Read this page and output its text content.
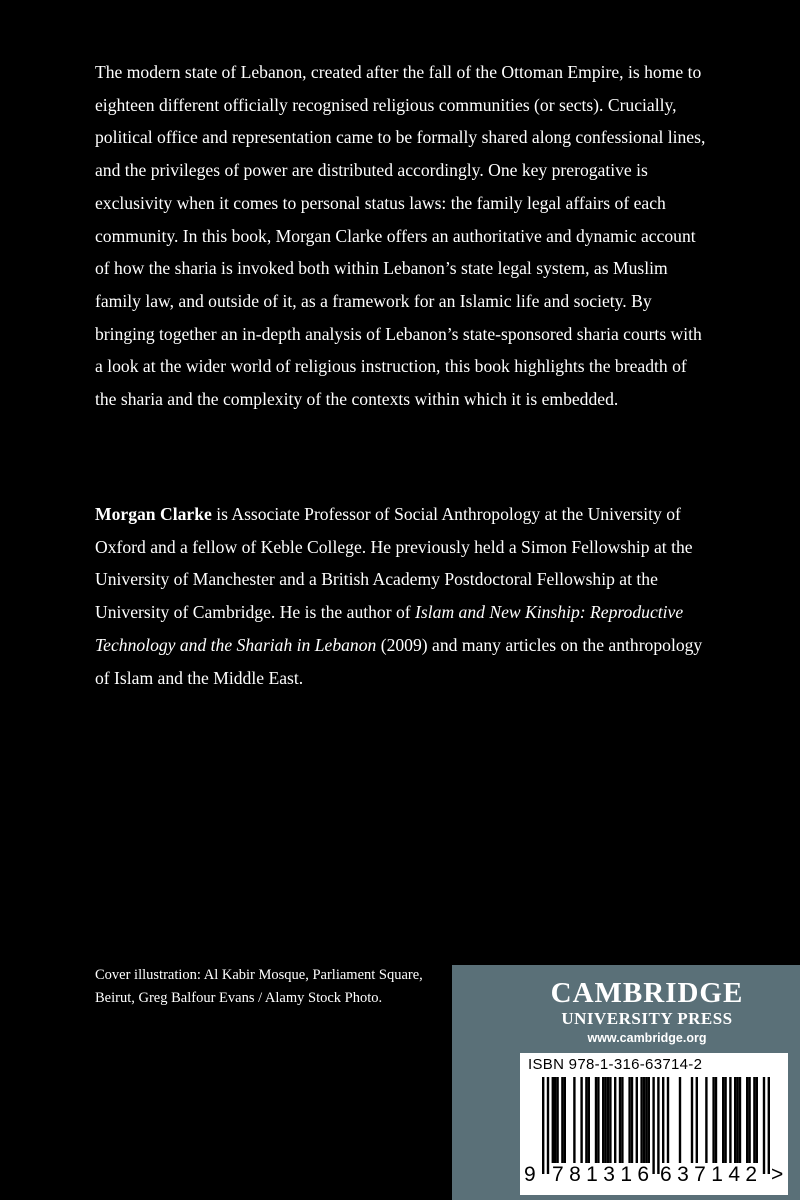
The modern state of Lebanon, created after the fall of the Ottoman Empire, is home to eighteen different officially recognised religious communities (or sects). Crucially, political office and representation came to be formally shared along confessional lines, and the privileges of power are distributed accordingly. One key prerogative is exclusivity when it comes to personal status laws: the family legal affairs of each community. In this book, Morgan Clarke offers an authoritative and dynamic account of how the sharia is invoked both within Lebanon’s state legal system, as Muslim family law, and outside of it, as a framework for an Islamic life and society. By bringing together an in-depth analysis of Lebanon’s state-sponsored sharia courts with a look at the wider world of religious instruction, this book highlights the breadth of the sharia and the complexity of the contexts within which it is embedded.

Morgan Clarke is Associate Professor of Social Anthropology at the University of Oxford and a fellow of Keble College. He previously held a Simon Fellowship at the University of Manchester and a British Academy Postdoctoral Fellowship at the University of Cambridge. He is the author of Islam and New Kinship: Reproductive Technology and the Shariah in Lebanon (2009) and many articles on the anthropology of Islam and the Middle East.

Cover illustration: Al Kabir Mosque, Parliament Square, Beirut, Greg Balfour Evans / Alamy Stock Photo.	CAMBRIDGE
UNIVERSITY PRESS
www.cambridge.org
ISBN 978-1-316-63714-2
9 781316 637142 >
